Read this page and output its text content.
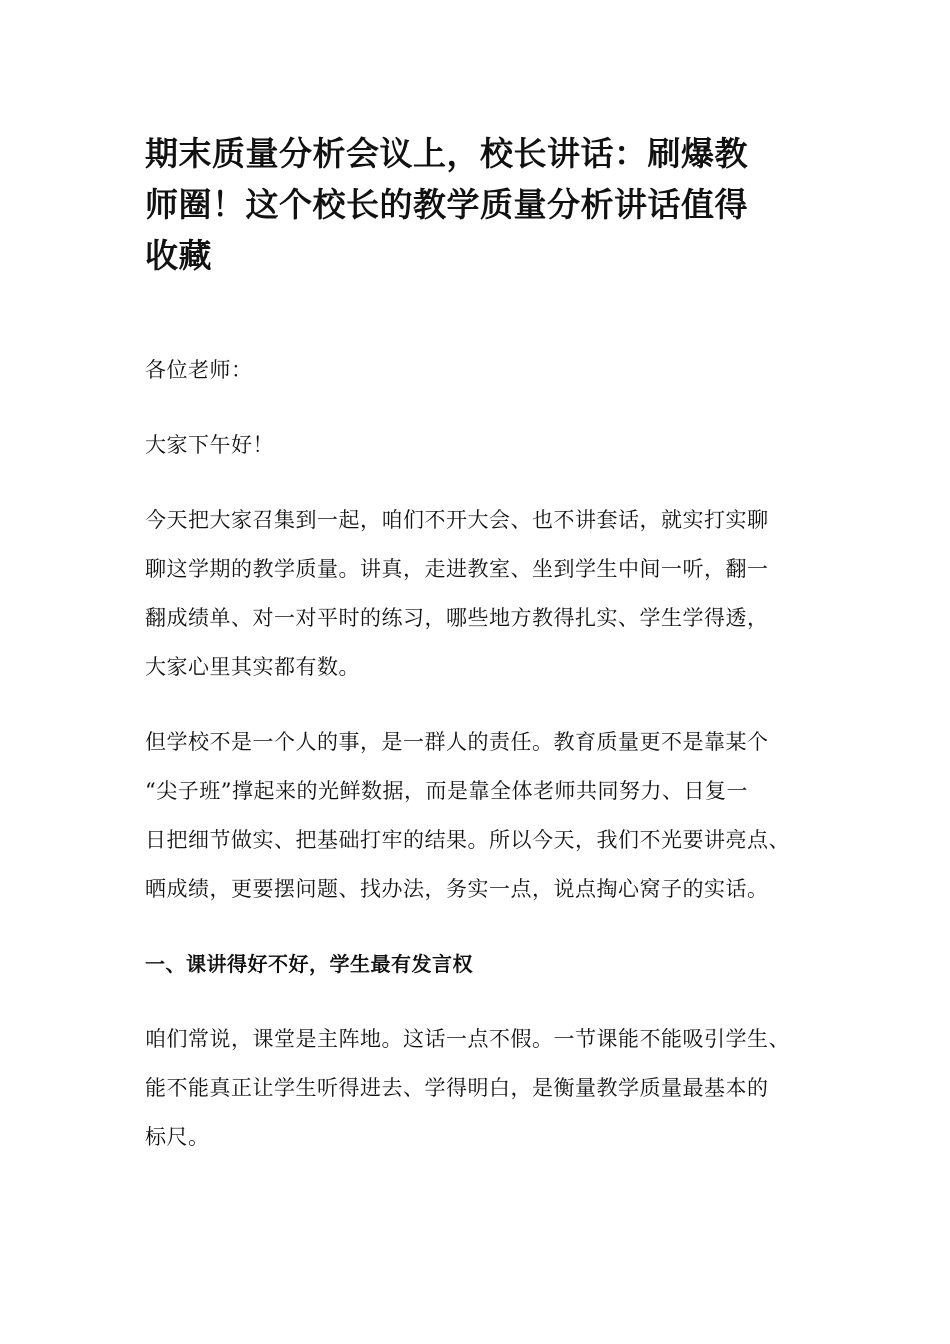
期末质量分析会议上，校长讲话：刷爆教
师圈！这个校长的教学质量分析讲话值得
收藏

各位老师：

大家下午好！

今天把大家召集到一起，咱们不开大会、也不讲套话，就实打实聊
聊这学期的教学质量。讲真，走进教室、坐到学生中间一听，翻一
翻成绩单、对一对平时的练习，哪些地方教得扎实、学生学得透，
大家心里其实都有数。

但学校不是一个人的事，是一群人的责任。教育质量更不是靠某个
“尖子班”撑起来的光鲜数据，而是靠全体老师共同努力、日复一
日把细节做实、把基础打牢的结果。所以今天，我们不光要讲亮点、
晒成绩，更要摆问题、找办法，务实一点，说点掏心窝子的实话。

一、课讲得好不好，学生最有发言权

咱们常说，课堂是主阵地。这话一点不假。一节课能不能吸引学生、
能不能真正让学生听得进去、学得明白，是衡量教学质量最基本的
标尺。
